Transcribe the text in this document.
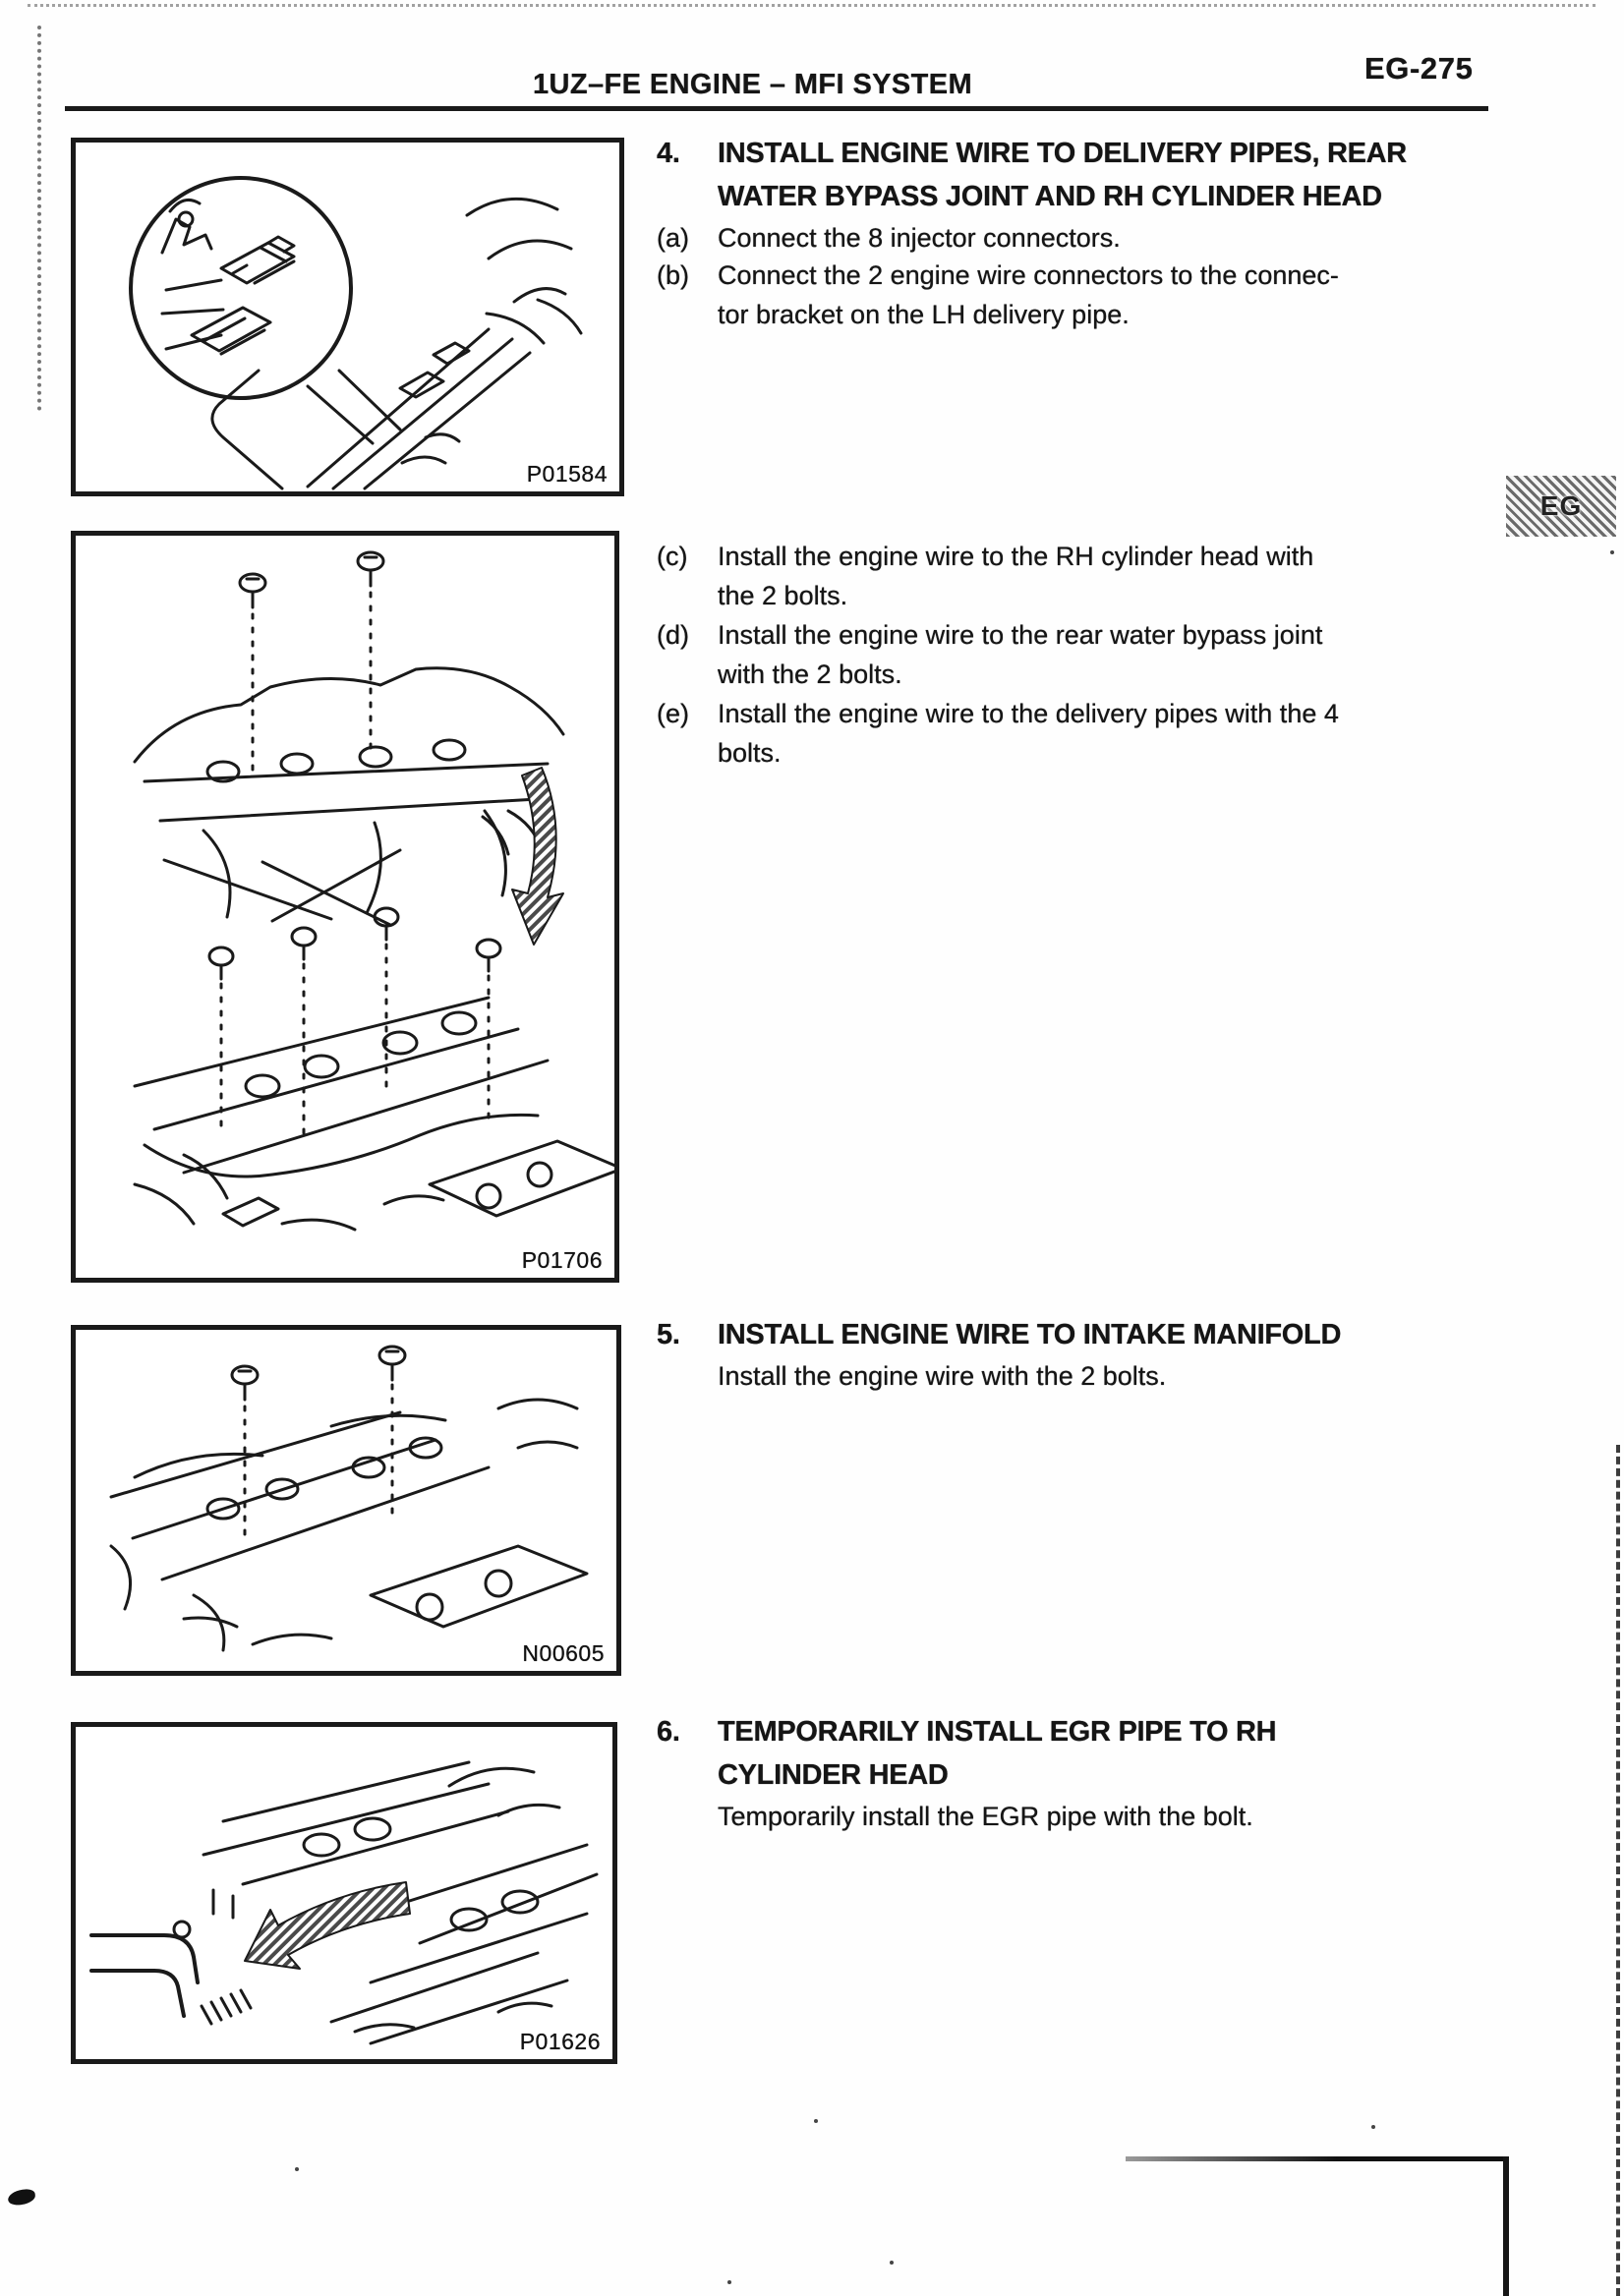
1UZ–FE ENGINE – MFI SYSTEM	EG-275
EG
P01584
P01706
N00605
P01626
4.	INSTALL ENGINE WIRE TO DELIVERY PIPES, REAR
WATER BYPASS JOINT AND RH CYLINDER HEAD
(a)	Connect the 8 injector connectors.
(b)	Connect the 2 engine wire connectors to the connec-
tor bracket on the LH delivery pipe.
(c)	Install the engine wire to the RH cylinder head with
the 2 bolts.
(d)	Install the engine wire to the rear water bypass joint
with the 2 bolts.
(e)	Install the engine wire to the delivery pipes with the 4
bolts.
5.	INSTALL ENGINE WIRE TO INTAKE MANIFOLD
Install the engine wire with the 2 bolts.
6.	TEMPORARILY INSTALL EGR PIPE TO RH
CYLINDER HEAD
Temporarily install the EGR pipe with the bolt.
